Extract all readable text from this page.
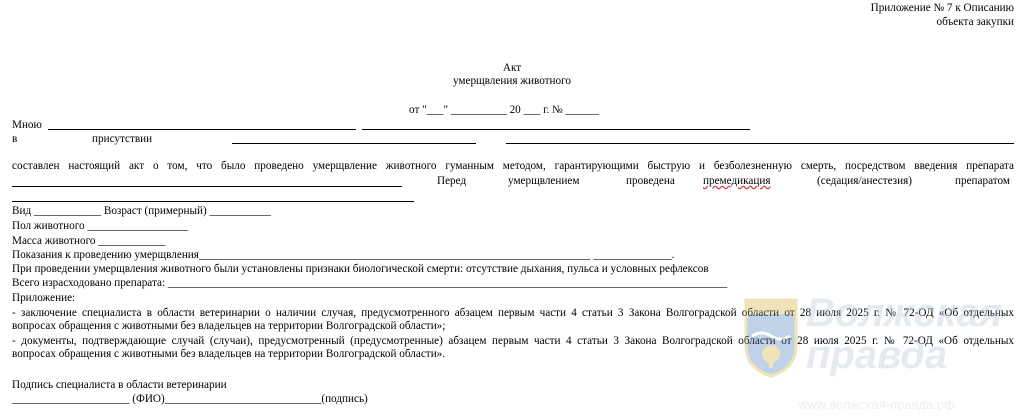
Приложение № 7 к Описанию
объекта закупки
Акт
умерщвления животного
от "___" __________ 20 ___ г. № ______
Мною
в	присутствии
составлен настоящий акт о том, что было проведено умерщвление животного гуманным методом, гарантирующими быструю и безболезненную смерть, посредством введения препарата
Перед	умерщвлением	проведена	премедикация	(седация/анестезия)	препаратом
Вид ____________ Возраст (примерный) ___________
Пол животного __________________
Масса животного ____________
Показания к проведению умерщвления______________________________________________________________________ ______________.
При проведении умерщвления животного были установлены признаки биологической смерти: отсутствие дыхания, пульса и условных рефлексов
Всего израсходовано препарата: ____________________________________________________________________________________________________
Приложение:
- заключение специалиста в области ветеринарии о наличии случая, предусмотренного абзацем первым части 4 статьи 3 Закона Волгоградской области от 28 июля 2025 г. № 72-ОД «Об отдельных
вопросах обращения с животными без владельцев на территории Волгоградской области»;
- документы, подтверждающие случай (случаи), предусмотренный (предусмотренные) абзацем первым части 4 статьи 3 Закона Волгоградской области от 28 июля 2025 г. № 72-ОД «Об отдельных
вопросах обращения с животными без владельцев на территории Волгоградской области».
Подпись специалиста в области ветеринарии
_____________________ (ФИО)____________________________(подпись)
Волжская
правда
www.волжская-правда.рф
